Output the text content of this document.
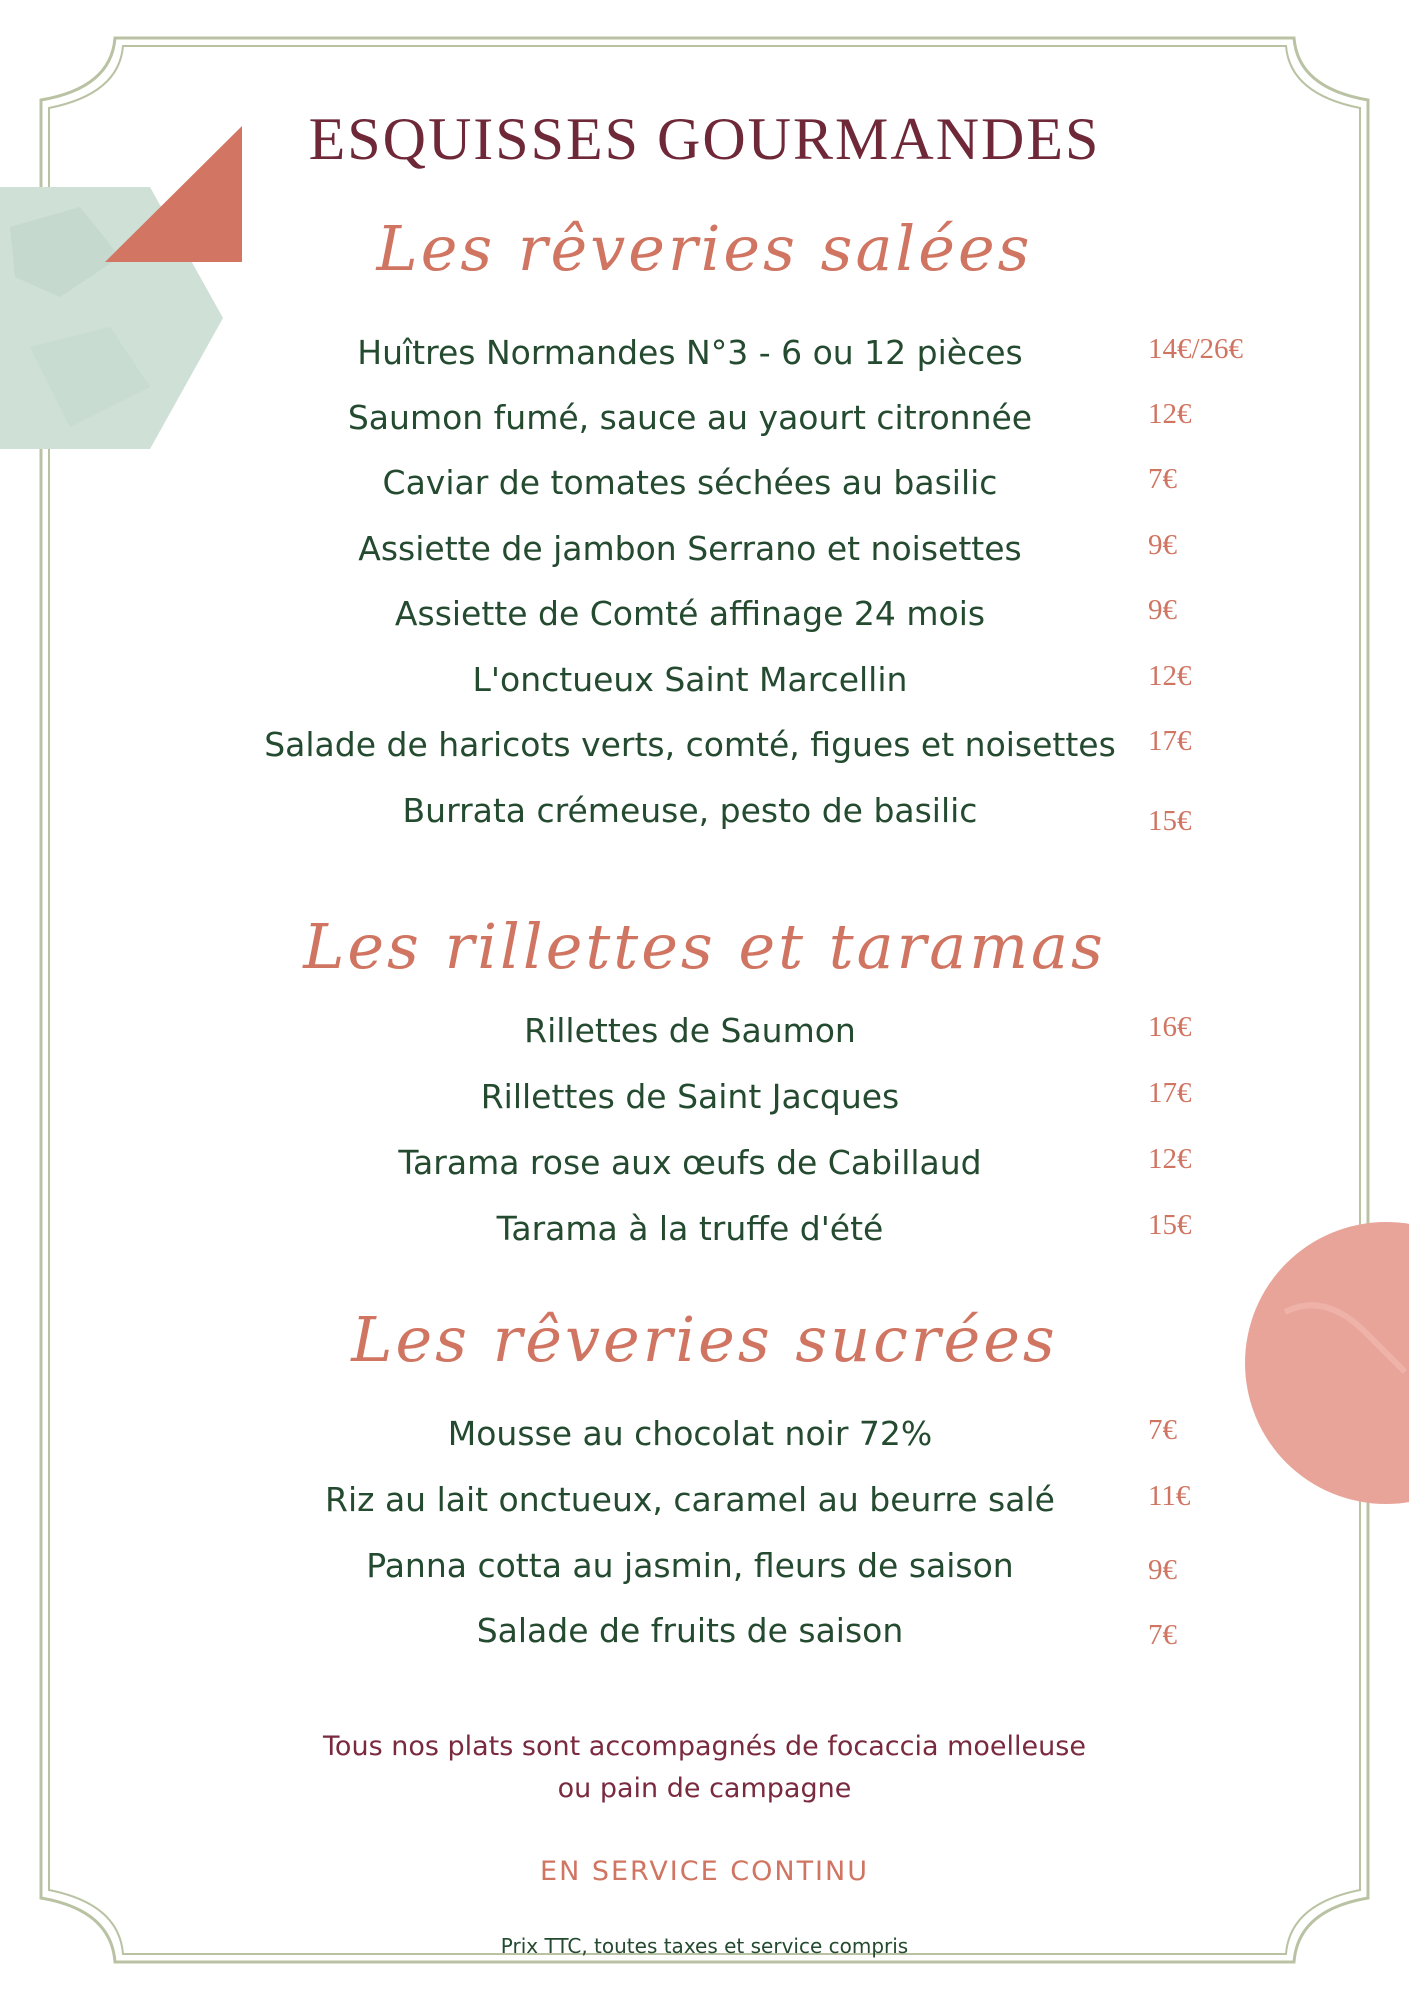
ESQUISSES GOURMANDES
Les rêveries salées
Huîtres Normandes N°3 - 6 ou 12 pièces	14€/26€
Saumon fumé, sauce au yaourt citronnée	12€
Caviar de tomates séchées au basilic	7€
Assiette de jambon Serrano et noisettes	9€
Assiette de Comté affinage 24 mois	9€
L'onctueux Saint Marcellin	12€
Salade de haricots verts, comté, figues et noisettes	17€
Burrata crémeuse, pesto de basilic	15€
Les rillettes et taramas
Rillettes de Saumon	16€
Rillettes de Saint Jacques	17€
Tarama rose aux œufs de Cabillaud	12€
Tarama à la truffe d'été	15€
Les rêveries sucrées
Mousse au chocolat noir 72%	7€
Riz au lait onctueux, caramel au beurre salé	11€
Panna cotta au jasmin, fleurs de saison	9€
Salade de fruits de saison	7€
Tous nos plats sont accompagnés de focaccia moelleuse
ou pain de campagne
EN SERVICE CONTINU
Prix TTC, toutes taxes et service compris
